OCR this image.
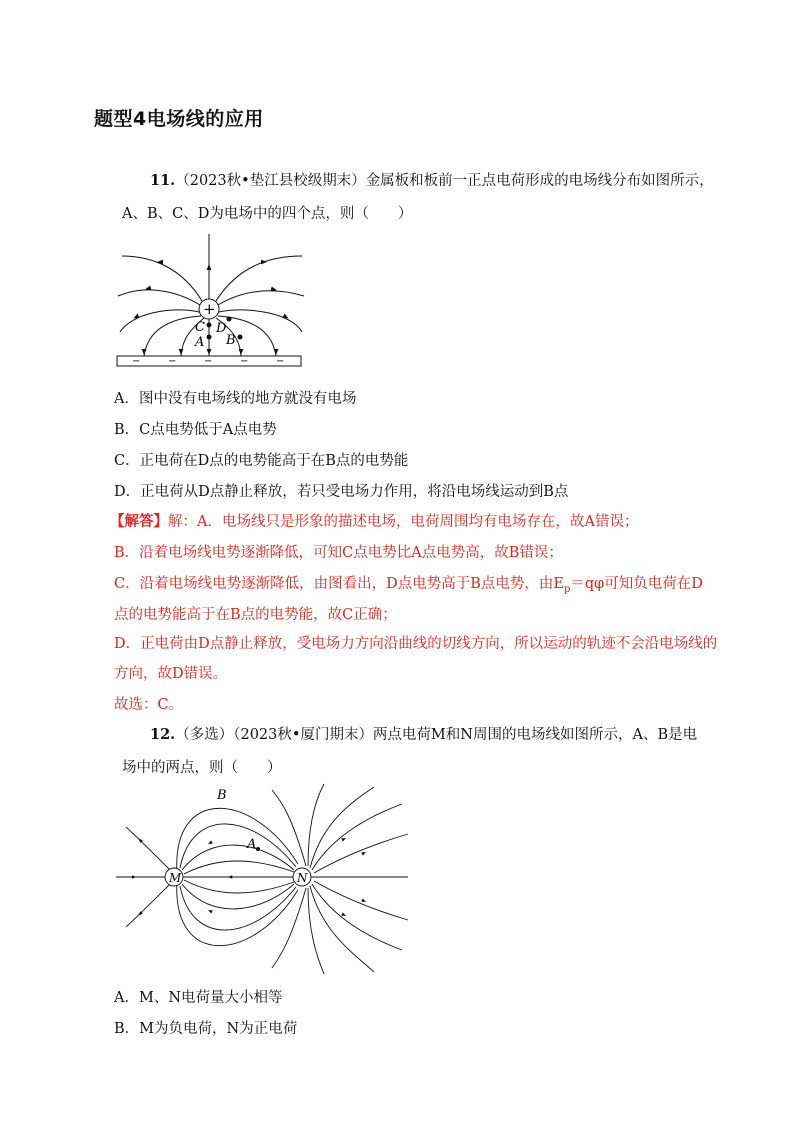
题型4电场线的应用
11.（2023秋•垫江县校级期末）金属板和板前一正点电荷形成的电场线分布如图所示，
A、B、C、D为电场中的四个点，则（　　）
+
C D
A B
−	−	−	−	−
A．图中没有电场线的地方就没有电场
B．C点电势低于A点电势
C．正电荷在D点的电势能高于在B点的电势能
D．正电荷从D点静止释放，若只受电场力作用，将沿电场线运动到B点
【解答】解：A．电场线只是形象的描述电场，电荷周围均有电场存在，故A错误；
B．沿着电场线电势逐渐降低，可知C点电势比A点电势高，故B错误；
C．沿着电场线电势逐渐降低，由图看出，D点电势高于B点电势，由$E_p=q\varphi$可知负电荷在D
点的电势能高于在B点的电势能，故C正确；
D．正电荷由D点静止释放，受电场力方向沿曲线的切线方向，所以运动的轨迹不会沿电场线的
方向，故D错误。
故选：C。
12.（多选）（2023秋•厦门期末）两点电荷M和N周围的电场线如图所示，A、B是电
场中的两点，则（　　）
M	N
A
B
A．M、N电荷量大小相等
B．M为负电荷，N为正电荷
